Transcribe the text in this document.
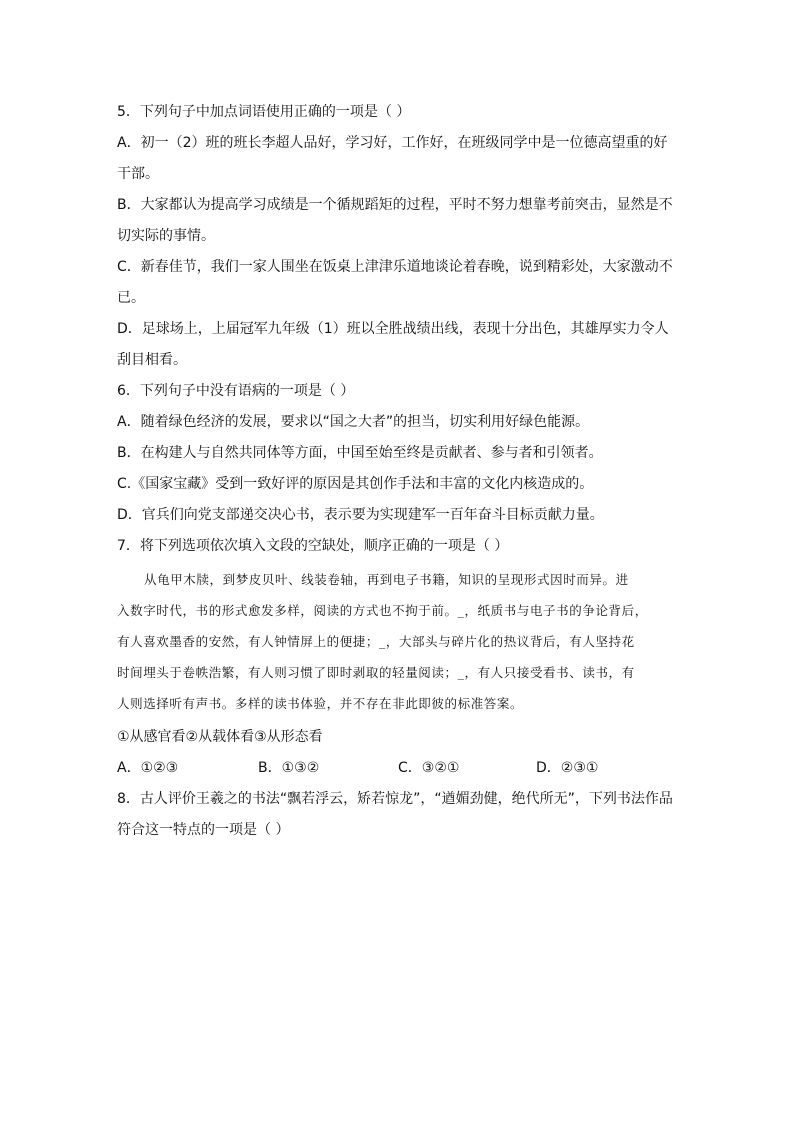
5．下列句子中加点词语使用正确的一项是（ ）
A．初一（2）班的班长李超人品好，学习好，工作好，在班级同学中是一位德高望重的好
干部。
B．大家都认为提高学习成绩是一个循规蹈矩的过程，平时不努力想靠考前突击，显然是不
切实际的事情。
C．新春佳节，我们一家人围坐在饭桌上津津乐道地谈论着春晚，说到精彩处，大家激动不
已。
D．足球场上，上届冠军九年级（1）班以全胜战绩出线，表现十分出色，其雄厚实力令人
刮目相看。
6．下列句子中没有语病的一项是（ ）
A．随着绿色经济的发展，要求以“国之大者”的担当，切实利用好绿色能源。
B．在构建人与自然共同体等方面，中国至始至终是贡献者、参与者和引领者。
C.《国家宝藏》受到一致好评的原因是其创作手法和丰富的文化内核造成的。
D．官兵们向党支部递交决心书，表示要为实现建军一百年奋斗目标贡献力量。
7．将下列选项依次填入文段的空缺处，顺序正确的一项是（ ）
从龟甲木牍，到梦皮贝叶、线装卷轴，再到电子书籍，知识的呈现形式因时而异。进
入数字时代，书的形式愈发多样，阅读的方式也不拘于前。_，纸质书与电子书的争论背后，
有人喜欢墨香的安然，有人钟情屏上的便捷；_，大部头与碎片化的热议背后，有人坚持花
时间埋头于卷帙浩繁，有人则习惯了即时剥取的轻量阅读；_，有人只接受看书、读书，有
人则选择听有声书。多样的读书体验，并不存在非此即彼的标准答案。
①从感官看②从载体看③从形态看
A．①②③	B．①③②	C．③②①	D．②③①
8．古人评价王羲之的书法“飘若浮云，矫若惊龙”，“遒媚劲健，绝代所无”，下列书法作品
符合这一特点的一项是（ ）
